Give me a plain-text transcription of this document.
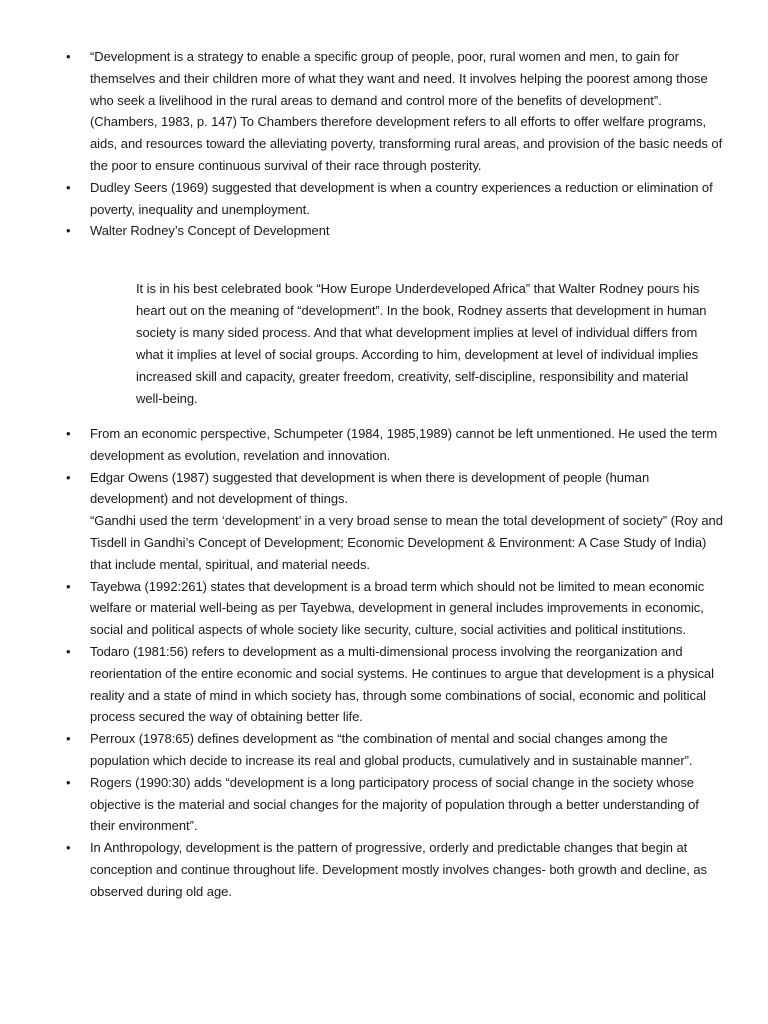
• “Development is a strategy to enable a specific group of people, poor, rural women and men, to gain for themselves and their children more of what they want and need. It involves helping the poorest among those who seek a livelihood in the rural areas to demand and control more of the benefits of development”. (Chambers, 1983, p. 147) To Chambers therefore development refers to all efforts to offer welfare programs, aids, and resources toward the alleviating poverty, transforming rural areas, and provision of the basic needs of the poor to ensure continuous survival of their race through posterity.

• Dudley Seers (1969) suggested that development is when a country experiences a reduction or elimination of poverty, inequality and unemployment.

• Walter Rodney’s Concept of Development

It is in his best celebrated book “How Europe Underdeveloped Africa” that Walter Rodney pours his heart out on the meaning of “development”. In the book, Rodney asserts that development in human society is many sided process. And that what development implies at level of individual differs from what it implies at level of social groups. According to him, development at level of individual implies increased skill and capacity, greater freedom, creativity, self-discipline, responsibility and material well-being.

• From an economic perspective, Schumpeter (1984, 1985,1989) cannot be left unmentioned. He used the term development as evolution, revelation and innovation.

• Edgar Owens (1987) suggested that development is when there is development of people (human development) and not development of things.

“Gandhi used the term ‘development’ in a very broad sense to mean the total development of society” (Roy and Tisdell in Gandhi’s Concept of Development; Economic Development & Environment: A Case Study of India) that include mental, spiritual, and material needs.

• Tayebwa (1992:261) states that development is a broad term which should not be limited to mean economic welfare or material well-being as per Tayebwa, development in general includes improvements in economic, social and political aspects of whole society like security, culture, social activities and political institutions.

• Todaro (1981:56) refers to development as a multi-dimensional process involving the reorganization and reorientation of the entire economic and social systems. He continues to argue that development is a physical reality and a state of mind in which society has, through some combinations of social, economic and political process secured the way of obtaining better life.

• Perroux (1978:65) defines development as “the combination of mental and social changes among the population which decide to increase its real and global products, cumulatively and in sustainable manner”.

• Rogers (1990:30) adds “development is a long participatory process of social change in the society whose objective is the material and social changes for the majority of population through a better understanding of their environment”.

• In Anthropology, development is the pattern of progressive, orderly and predictable changes that begin at conception and continue throughout life. Development mostly involves changes- both growth and decline, as observed during old age.
